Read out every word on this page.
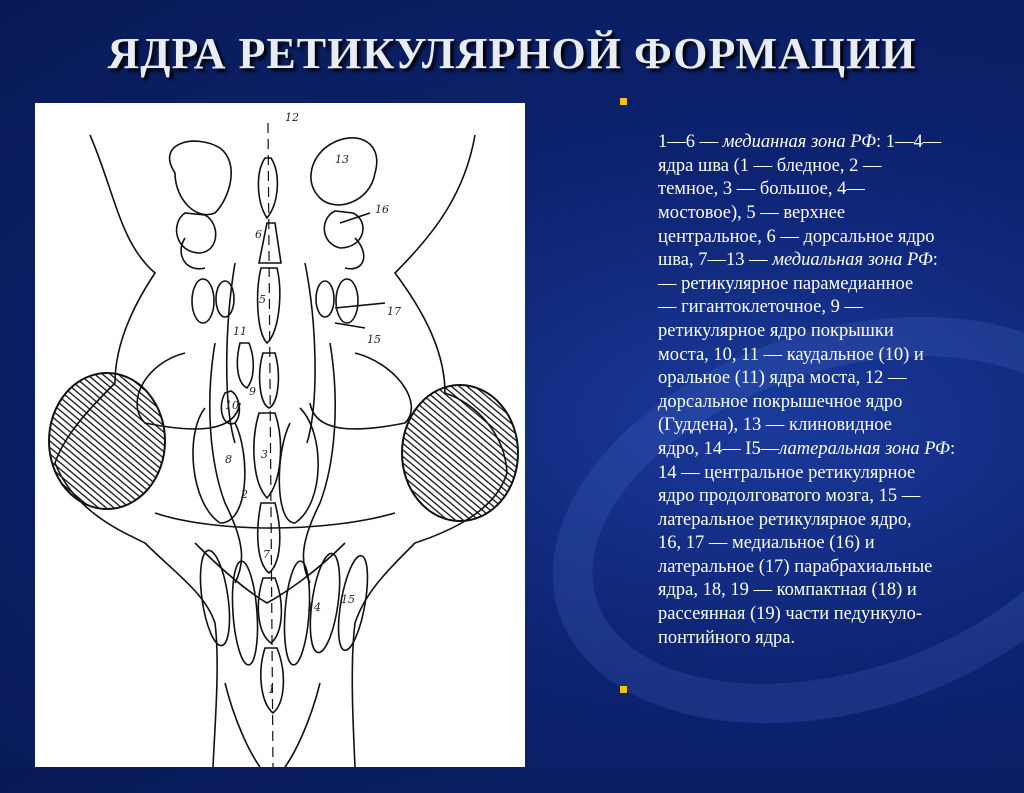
ЯДРА РЕТИКУЛЯРНОЙ ФОРМАЦИИ
12
13
16
17
15
11
10
9
8	3
2
7
14
15
5
6
1

1—6 — медианная зона РФ: 1—4—
ядра шва (1 — бледное, 2 —
темное, 3 — большое, 4—
мостовое), 5 — верхнее
центральное, 6 — дорсальное ядро
шва, 7—13 — медиальная зона РФ:
— ретикулярное парамедианное
— гигантоклеточное, 9 —
ретикулярное ядро покрышки
моста, 10, 11 — каудальное (10) и
оральное (11) ядра моста, 12 —
дорсальное покрышечное ядро
(Гуддена), 13 — клиновидное
ядро, 14— I5—латеральная зона РФ:
14 — центральное ретикулярное
ядро продолговатого мозга, 15 —
латеральное ретикулярное ядро,
16, 17 — медиальное (16) и
латеральное (17) парабрахиальные
ядра, 18, 19 — компактная (18) и
рассеянная (19) части педункуло-
понтийного ядра.
